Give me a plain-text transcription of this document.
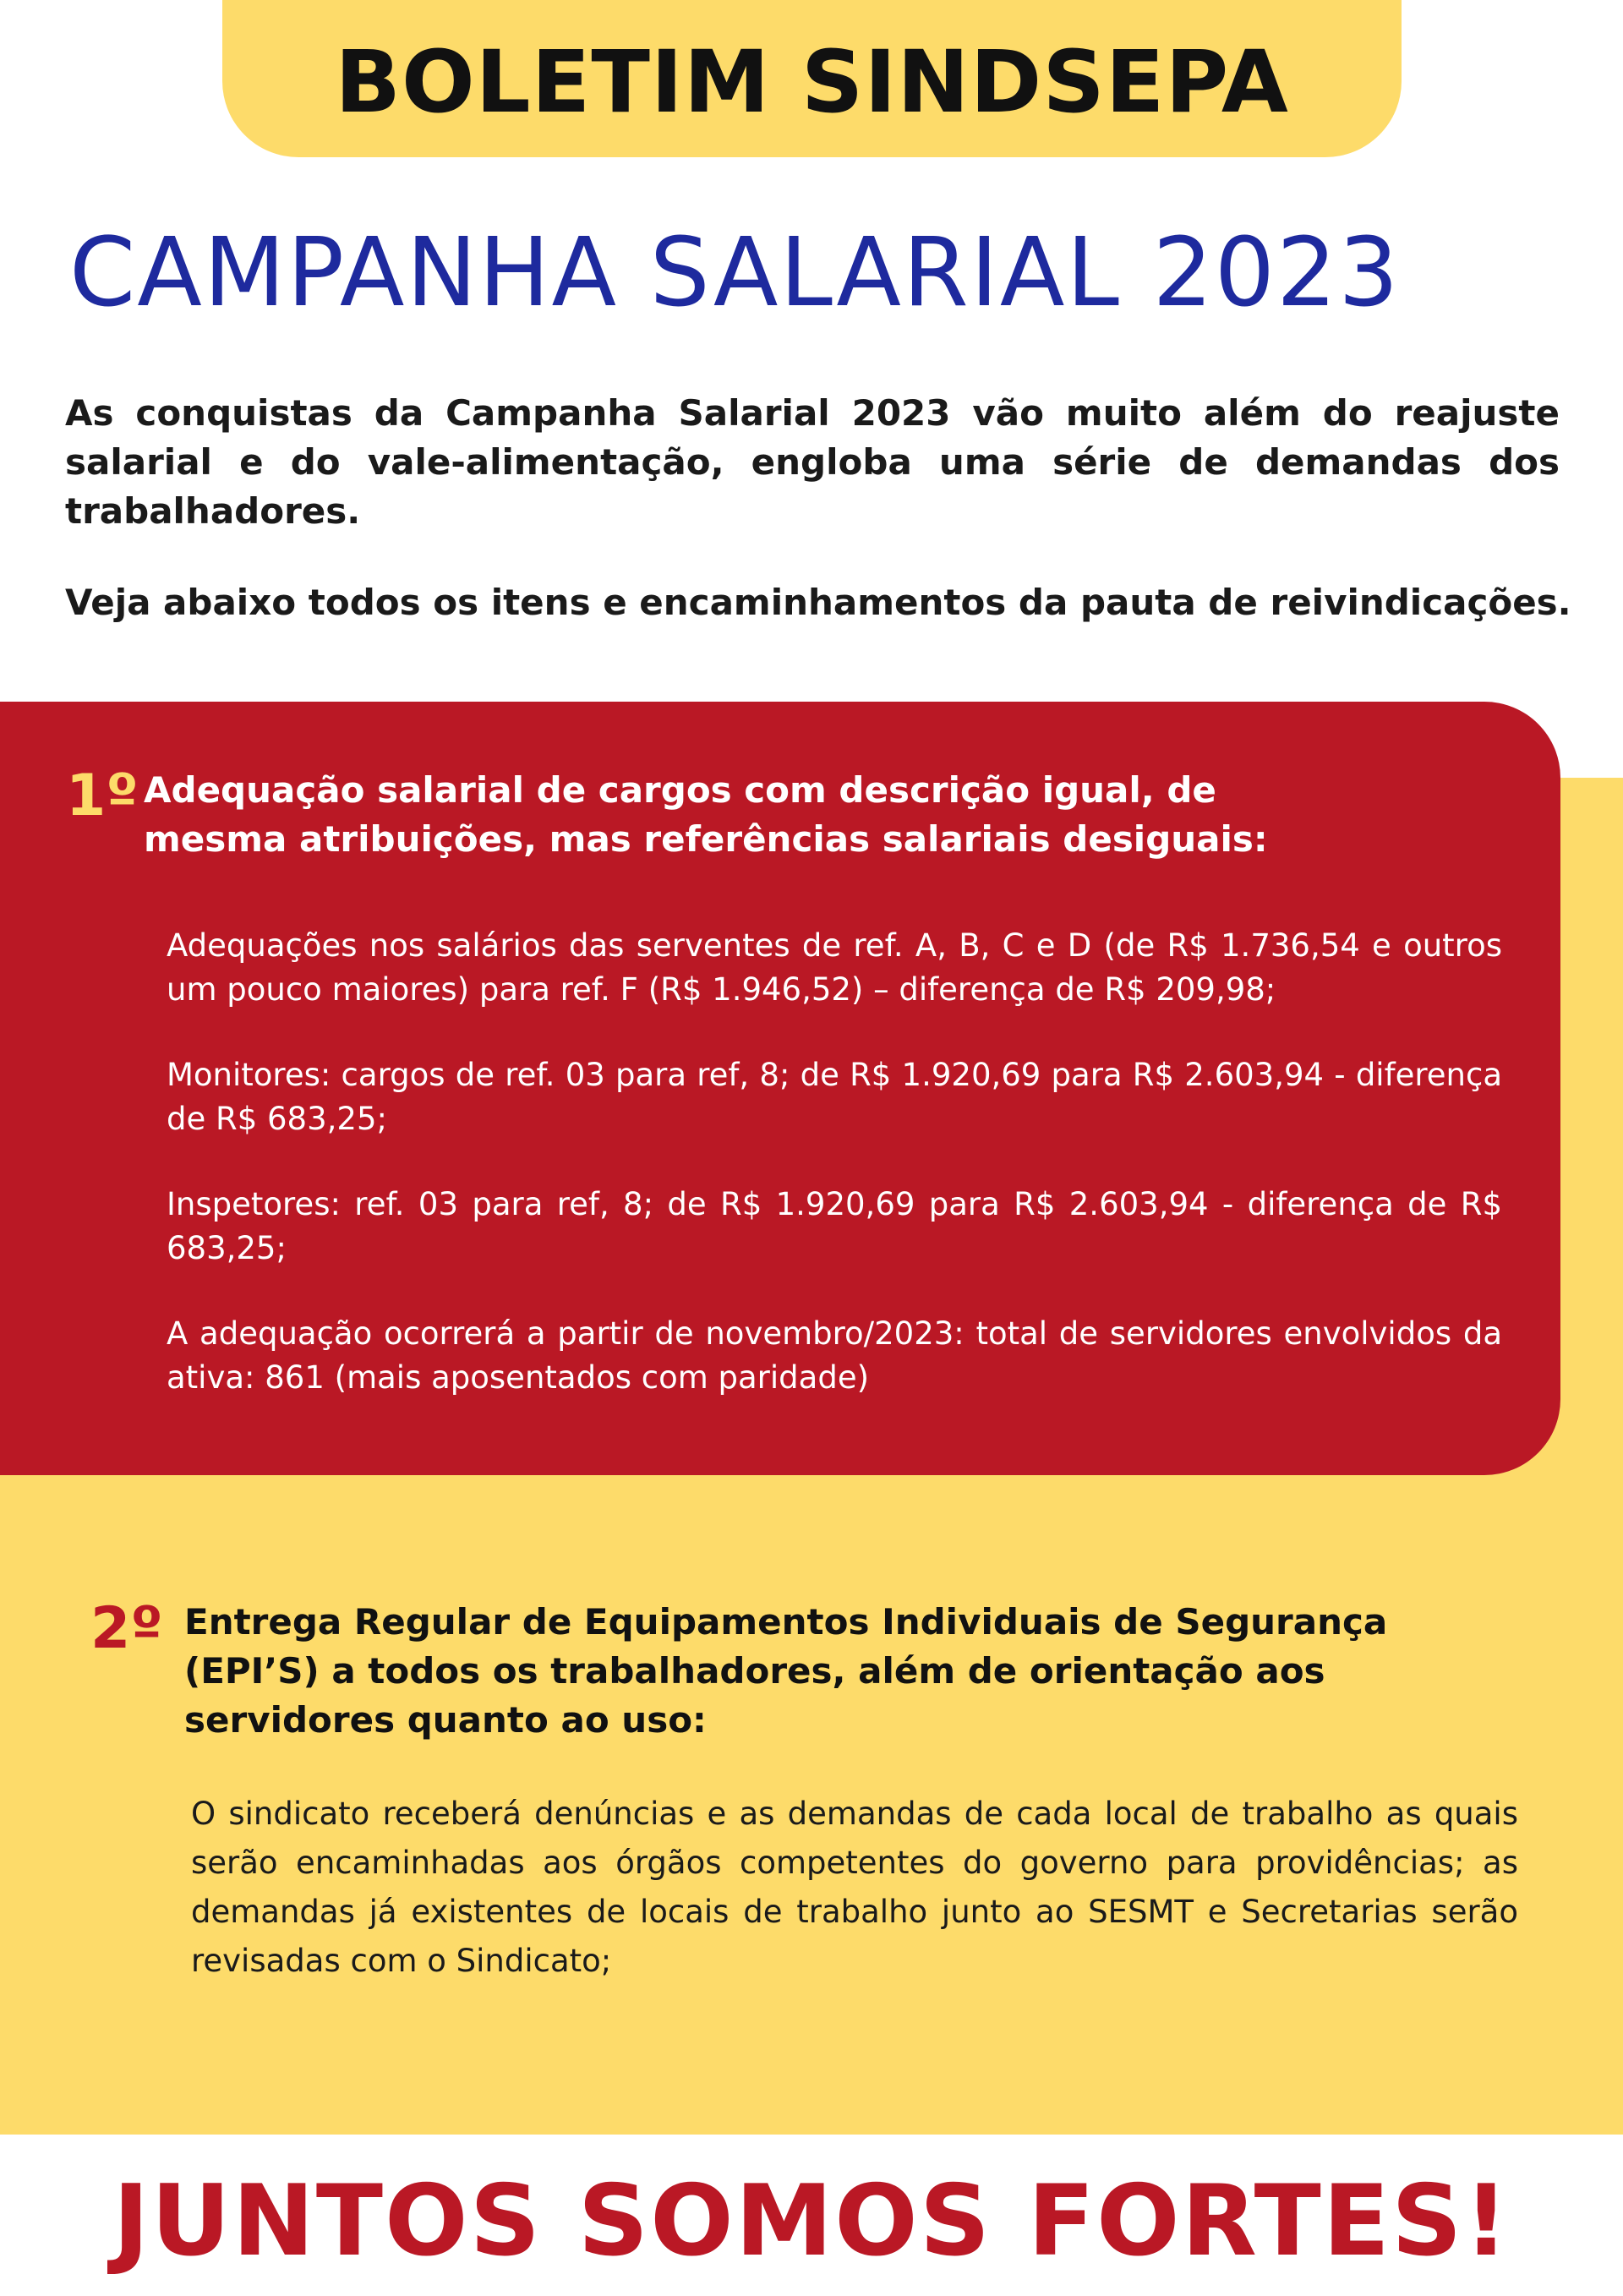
BOLETIM SINDSEPA
CAMPANHA SALARIAL 2023

As conquistas da Campanha Salarial 2023 vão muito além do reajuste salarial e do vale-alimentação, engloba uma série de demandas dos trabalhadores.

Veja abaixo todos os itens e encaminhamentos da pauta de reivindicações.

1º Adequação salarial de cargos com descrição igual, de mesma atribuições, mas referências salariais desiguais:
Adequações nos salários das serventes de ref. A, B, C e D (de R$ 1.736,54 e outros um pouco maiores) para ref. F (R$ 1.946,52) – diferença de R$ 209,98;
Monitores: cargos de ref. 03 para ref, 8; de R$ 1.920,69 para R$ 2.603,94 - diferença de R$ 683,25;
Inspetores: ref. 03 para ref, 8; de R$ 1.920,69 para R$ 2.603,94 - diferença de R$ 683,25;
A adequação ocorrerá a partir de novembro/2023: total de servidores envolvidos da ativa: 861 (mais aposentados com paridade)
2º Entrega Regular de Equipamentos Individuais de Segurança (EPI’S) a todos os trabalhadores, além de orientação aos servidores quanto ao uso:

O sindicato receberá denúncias e as demandas de cada local de trabalho as quais serão encaminhadas aos órgãos competentes do governo para providências; as demandas já existentes de locais de trabalho junto ao SESMT e Secretarias serão revisadas com o Sindicato;

JUNTOS SOMOS FORTES!
